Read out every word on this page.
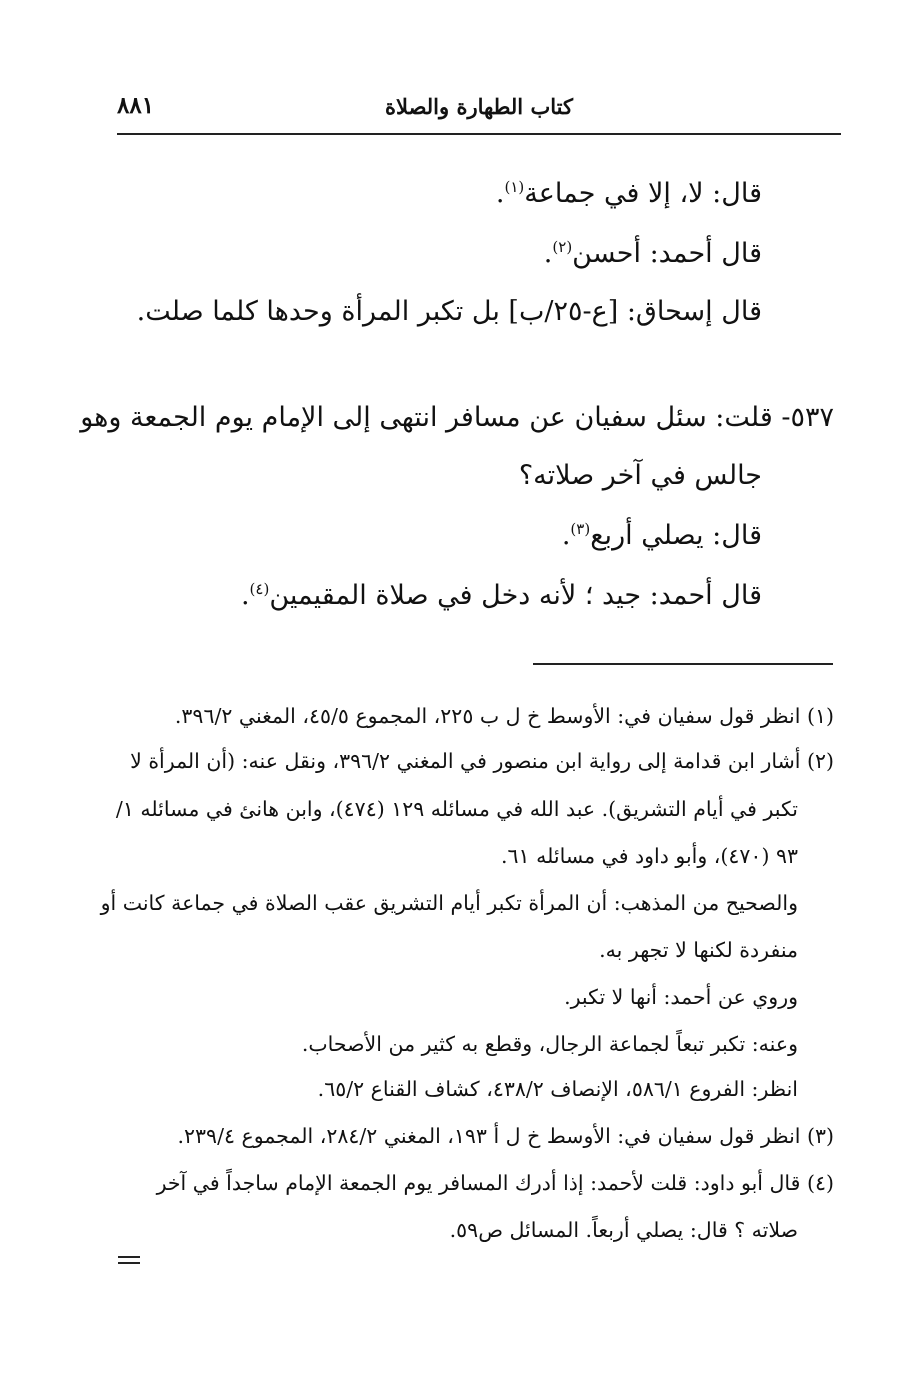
٨٨١	كتاب الطهارة والصلاة
قال: لا، إلا في جماعة$^{(١)}$.
قال أحمد: أحسن$^{(٢)}$.
قال إسحاق: [ع-٢٥/ب] بل تكبر المرأة وحدها كلما صلت.
٥٣٧- قلت: سئل سفيان عن مسافر انتهى إلى الإمام يوم الجمعة وهو
جالس في آخر صلاته؟
قال: يصلي أربع$^{(٣)}$.
قال أحمد: جيد ؛ لأنه دخل في صلاة المقيمين$^{(٤)}$.
(١) انظر قول سفيان في: الأوسط خ ل ب ٢٢٥، المجموع ٤٥/٥، المغني ٣٩٦/٢.
(٢) أشار ابن قدامة إلى رواية ابن منصور في المغني ٣٩٦/٢، ونقل عنه: (أن المرأة لا
تكبر في أيام التشريق). عبد الله في مسائله ١٢٩ (٤٧٤)، وابن هانئ في مسائله ١/
٩٣ (٤٧٠)، وأبو داود في مسائله ٦١.
والصحيح من المذهب: أن المرأة تكبر أيام التشريق عقب الصلاة في جماعة كانت أو
منفردة لكنها لا تجهر به.
وروي عن أحمد: أنها لا تكبر.
وعنه: تكبر تبعاً لجماعة الرجال، وقطع به كثير من الأصحاب.
انظر: الفروع ٥٨٦/١، الإنصاف ٤٣٨/٢، كشاف القناع ٦٥/٢.
(٣) انظر قول سفيان في: الأوسط خ ل أ ١٩٣، المغني ٢٨٤/٢، المجموع ٢٣٩/٤.
(٤) قال أبو داود: قلت لأحمد: إذا أدرك المسافر يوم الجمعة الإمام ساجداً في آخر
صلاته ؟ قال: يصلي أربعاً. المسائل ص٥٩.
